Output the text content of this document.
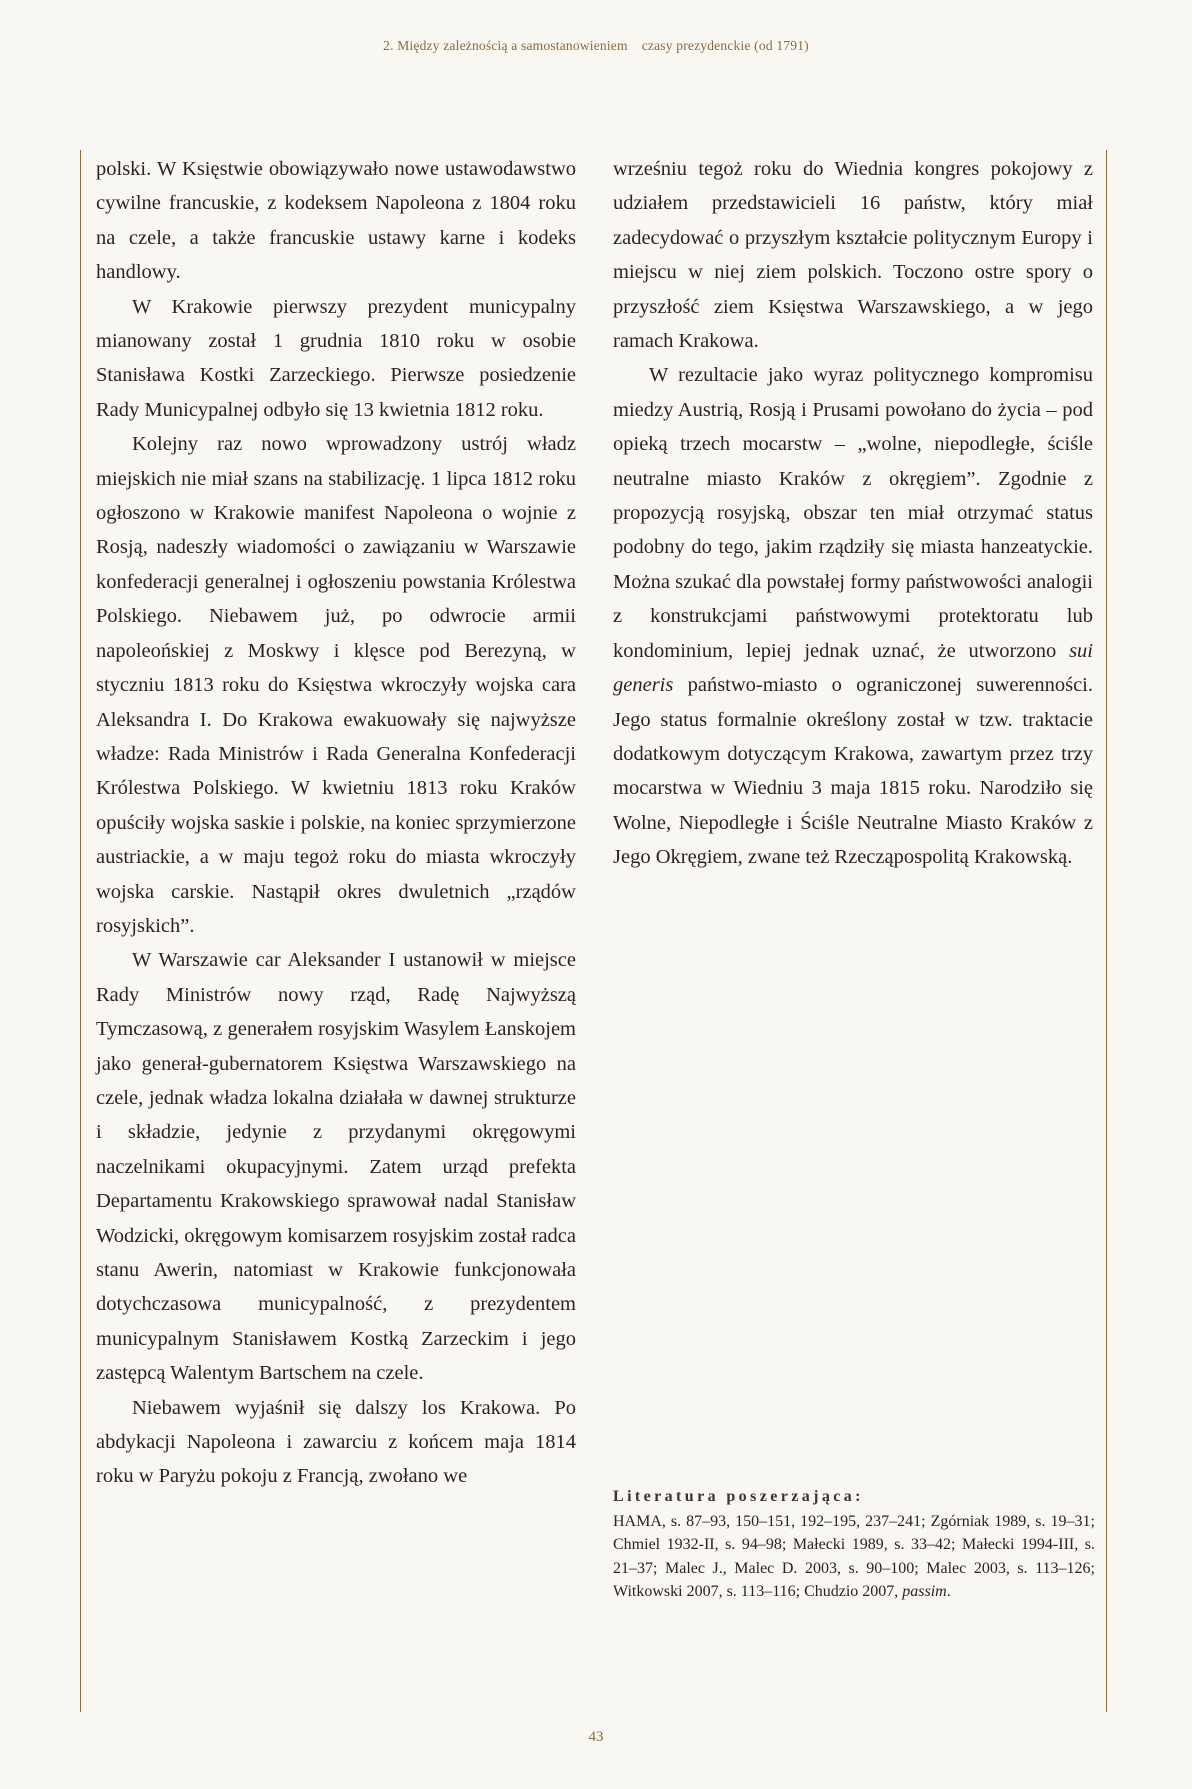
2. Między zależnością a samostanowieniem czasy prezydenckie (od 1791)

polski. W Księstwie obowiązywało nowe ustawodawstwo cywilne francuskie, z kodeksem Napoleona z 1804 roku na czele, a także francuskie ustawy karne i kodeks handlowy.

W Krakowie pierwszy prezydent municypalny mianowany został 1 grudnia 1810 roku w osobie Stanisława Kostki Zarzeckiego. Pierwsze posiedzenie Rady Municypalnej odbyło się 13 kwietnia 1812 roku.

Kolejny raz nowo wprowadzony ustrój władz miejskich nie miał szans na stabilizację. 1 lipca 1812 roku ogłoszono w Krakowie manifest Napoleona o wojnie z Rosją, nadeszły wiadomości o zawiązaniu w Warszawie konfederacji generalnej i ogłoszeniu powstania Królestwa Polskiego. Niebawem już, po odwrocie armii napoleońskiej z Moskwy i klęsce pod Berezyną, w styczniu 1813 roku do Księstwa wkroczyły wojska cara Aleksandra I. Do Krakowa ewakuowały się najwyższe władze: Rada Ministrów i Rada Generalna Konfederacji Królestwa Polskiego. W kwietniu 1813 roku Kraków opuściły wojska saskie i polskie, na koniec sprzymierzone austriackie, a w maju tegoż roku do miasta wkroczyły wojska carskie. Nastąpił okres dwuletnich „rządów rosyjskich”.

W Warszawie car Aleksander I ustanowił w miejsce Rady Ministrów nowy rząd, Radę Najwyższą Tymczasową, z generałem rosyjskim Wasylem Łanskojem jako generał-gubernatorem Księstwa Warszawskiego na czele, jednak władza lokalna działała w dawnej strukturze i składzie, jedynie z przydanymi okręgowymi naczelnikami okupacyjnymi. Zatem urząd prefekta Departamentu Krakowskiego sprawował nadal Stanisław Wodzicki, okręgowym komisarzem rosyjskim został radca stanu Awerin, natomiast w Krakowie funkcjonowała dotychczasowa municypalność, z prezydentem municypalnym Stanisławem Kostką Zarzeckim i jego zastępcą Walentym Bartschem na czele.

Niebawem wyjaśnił się dalszy los Krakowa. Po abdykacji Napoleona i zawarciu z końcem maja 1814 roku w Paryżu pokoju z Francją, zwołano we

wrześniu tegoż roku do Wiednia kongres pokojowy z udziałem przedstawicieli 16 państw, który miał zadecydować o przyszłym kształcie politycznym Europy i miejscu w niej ziem polskich. Toczono ostre spory o przyszłość ziem Księstwa Warszawskiego, a w jego ramach Krakowa.

W rezultacie jako wyraz politycznego kompromisu miedzy Austrią, Rosją i Prusami powołano do życia – pod opieką trzech mocarstw – „wolne, niepodległe, ściśle neutralne miasto Kraków z okręgiem”. Zgodnie z propozycją rosyjską, obszar ten miał otrzymać status podobny do tego, jakim rządziły się miasta hanzeatyckie. Można szukać dla powstałej formy państwowości analogii z konstrukcjami państwowymi protektoratu lub kondominium, lepiej jednak uznać, że utworzono sui generis państwo-miasto o ograniczonej suwerenności. Jego status formalnie określony został w tzw. traktacie dodatkowym dotyczącym Krakowa, zawartym przez trzy mocarstwa w Wiedniu 3 maja 1815 roku. Narodziło się Wolne, Niepodległe i Ściśle Neutralne Miasto Kraków z Jego Okręgiem, zwane też Rzecząpospolitą Krakowską.

Literatura poszerzająca:

HAMA, s. 87–93, 150–151, 192–195, 237–241; Zgórniak 1989, s. 19–31; Chmiel 1932-II, s. 94–98; Małecki 1989, s. 33–42; Małecki 1994-III, s. 21–37; Malec J., Malec D. 2003, s. 90–100; Malec 2003, s. 113–126; Witkowski 2007, s. 113–116; Chudzio 2007, passim.

43
